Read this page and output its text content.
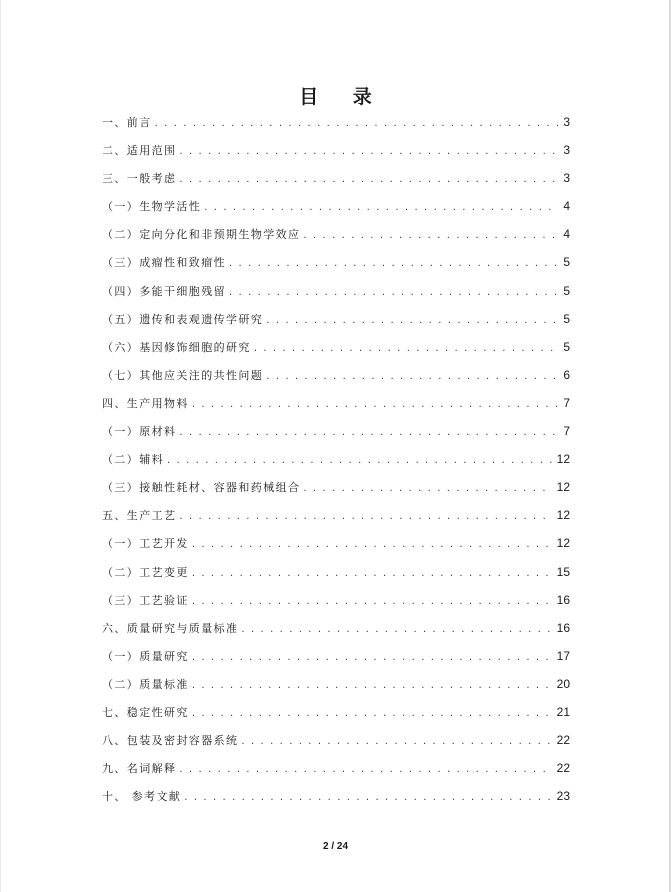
目 录
一、前言 . . .	3
二、适用范围 . . .	3
三、一般考虑 . . .	3
（一）生物学活性 . . .	4
（二）定向分化和非预期生物学效应 . . .	4
（三）成瘤性和致瘤性 . . .	5
（四）多能干细胞残留 . . .	5
（五）遗传和表观遗传学研究 . . .	5
（六）基因修饰细胞的研究 . . .	5
（七）其他应关注的共性问题 . . .	6
四、生产用物料 . . .	7
（一）原材料 . . .	7
（二）辅料 . . .	12
（三）接触性耗材、容器和药械组合 . . .	12
五、生产工艺 . . .	12
（一）工艺开发 . . .	12
（二）工艺变更 . . .	15
（三）工艺验证 . . .	16
六、质量研究与质量标准 . . .	16
（一）质量研究 . . .	17
（二）质量标准 . . .	20
七、稳定性研究 . . .	21
八、包装及密封容器系统 . . .	22
九、名词解释 . . .	22
十、 参考文献 . . .	23
2 / 24
